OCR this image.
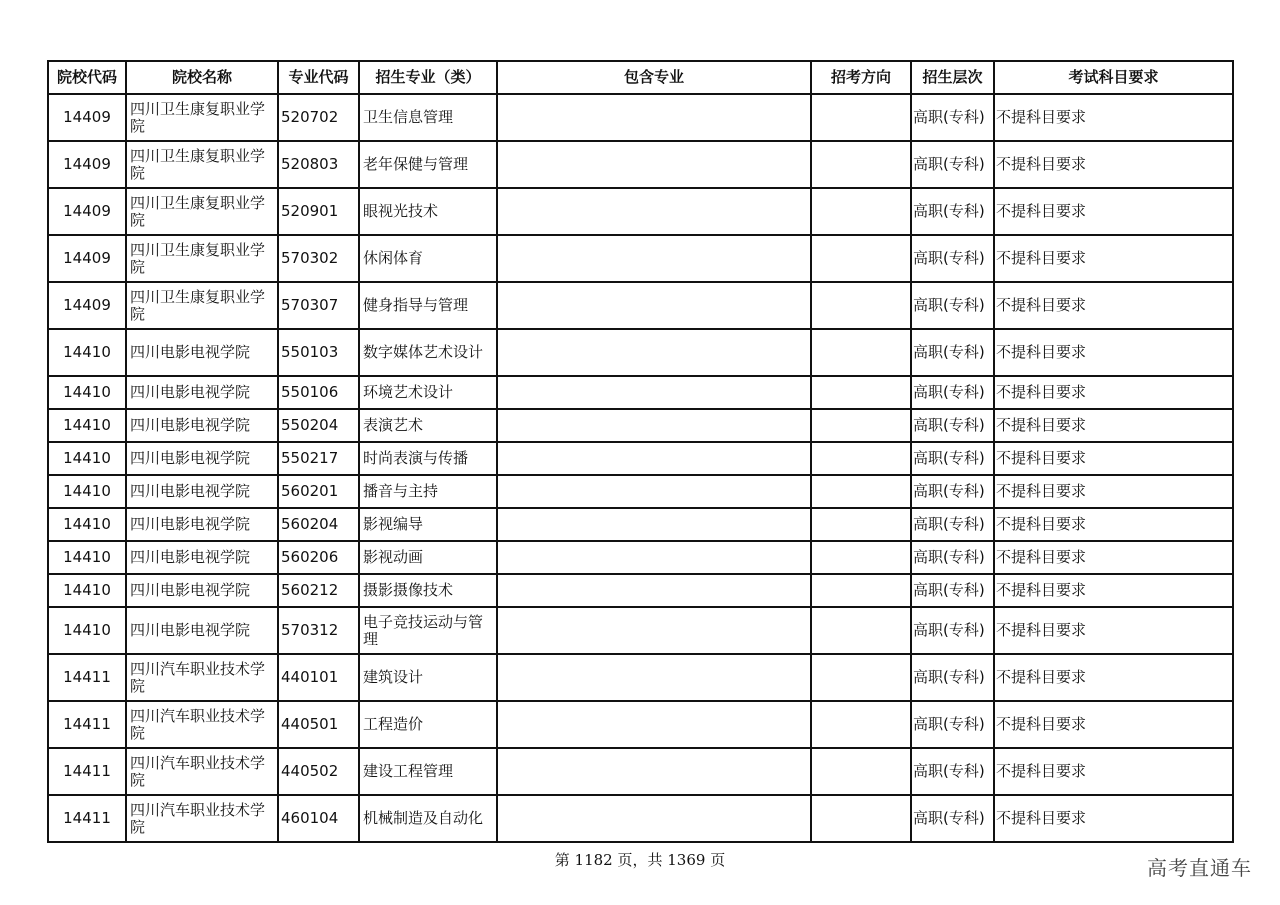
院校代码	院校名称	专业代码	招生专业（类）	包含专业	招考方向	招生层次	考试科目要求
14409	四川卫生康复职业学院	520702	卫生信息管理			高职(专科)	不提科目要求
14409	四川卫生康复职业学院	520803	老年保健与管理			高职(专科)	不提科目要求
14409	四川卫生康复职业学院	520901	眼视光技术			高职(专科)	不提科目要求
14409	四川卫生康复职业学院	570302	休闲体育			高职(专科)	不提科目要求
14409	四川卫生康复职业学院	570307	健身指导与管理			高职(专科)	不提科目要求
14410	四川电影电视学院	550103	数字媒体艺术设计			高职(专科)	不提科目要求
14410	四川电影电视学院	550106	环境艺术设计			高职(专科)	不提科目要求
14410	四川电影电视学院	550204	表演艺术			高职(专科)	不提科目要求
14410	四川电影电视学院	550217	时尚表演与传播			高职(专科)	不提科目要求
14410	四川电影电视学院	560201	播音与主持			高职(专科)	不提科目要求
14410	四川电影电视学院	560204	影视编导			高职(专科)	不提科目要求
14410	四川电影电视学院	560206	影视动画			高职(专科)	不提科目要求
14410	四川电影电视学院	560212	摄影摄像技术			高职(专科)	不提科目要求
14410	四川电影电视学院	570312	电子竞技运动与管理			高职(专科)	不提科目要求
14411	四川汽车职业技术学院	440101	建筑设计			高职(专科)	不提科目要求
14411	四川汽车职业技术学院	440501	工程造价			高职(专科)	不提科目要求
14411	四川汽车职业技术学院	440502	建设工程管理			高职(专科)	不提科目要求
14411	四川汽车职业技术学院	460104	机械制造及自动化			高职(专科)	不提科目要求
第 1182 页，共 1369 页	高考直通车
